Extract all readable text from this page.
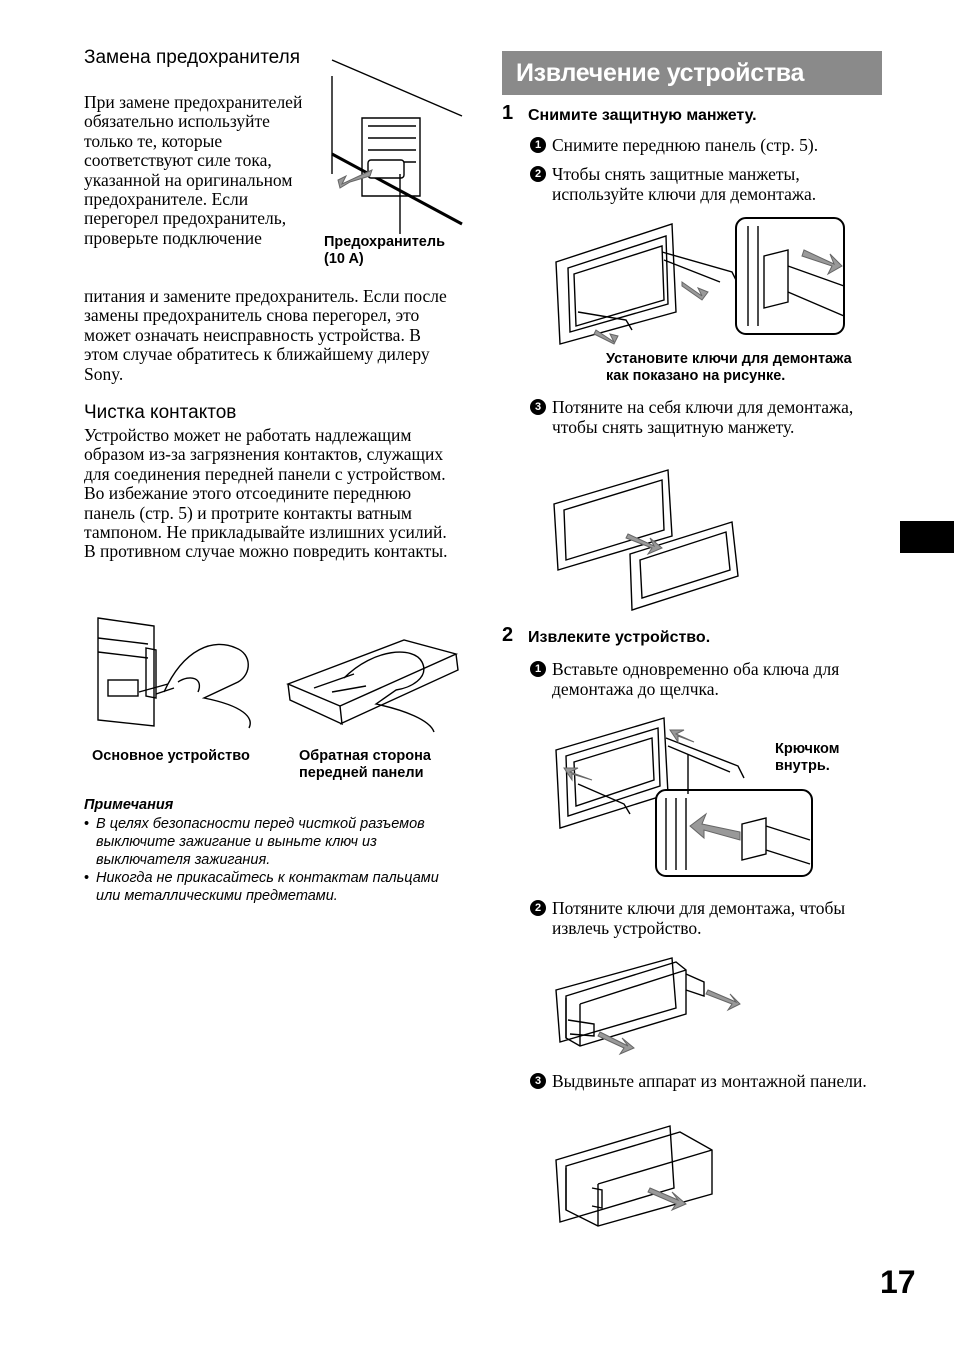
Замена предохранителя
При замене предохранителей обязательно используйте только те, которые соответствуют силе тока, указанной на оригинальном предохранителе. Если перегорел предохранитель, проверьте подключение
питания и замените предохранитель. Если после замены предохранитель снова перегорел, это может означать неисправность устройства. В этом случае обратитесь к ближайшему дилеру Sony.
Предохранитель
(10 A)
Чистка контактов
Устройство может не работать надлежащим образом из-за загрязнения контактов, служащих для соединения передней панели с устройством. Во избежание этого отсоедините переднюю панель (стр. 5) и протрите контакты ватным тампоном. Не прикладывайте излишних усилий. В противном случае можно повредить контакты.
Основное устройство	Обратная сторона
передней панели
Примечания
• В целях безопасности перед чисткой разъемов выключите зажигание и выньте ключ из выключателя зажигания.
• Никогда не прикасайтесь к контактам пальцами или металлическими предметами.
Извлечение устройства
1 Снимите защитную манжету.
1 Снимите переднюю панель (стр. 5).
2 Чтобы снять защитные манжеты, используйте ключи для демонтажа.
Установите ключи для демонтажа
как показано на рисунке.
3 Потяните на себя ключи для демонтажа, чтобы снять защитную манжету.
2 Извлеките устройство.
1 Вставьте одновременно оба ключа для демонтажа до щелчка.
Крючком
внутрь.
2 Потяните ключи для демонтажа, чтобы извлечь устройство.
3 Выдвиньте аппарат из монтажной панели.
17
